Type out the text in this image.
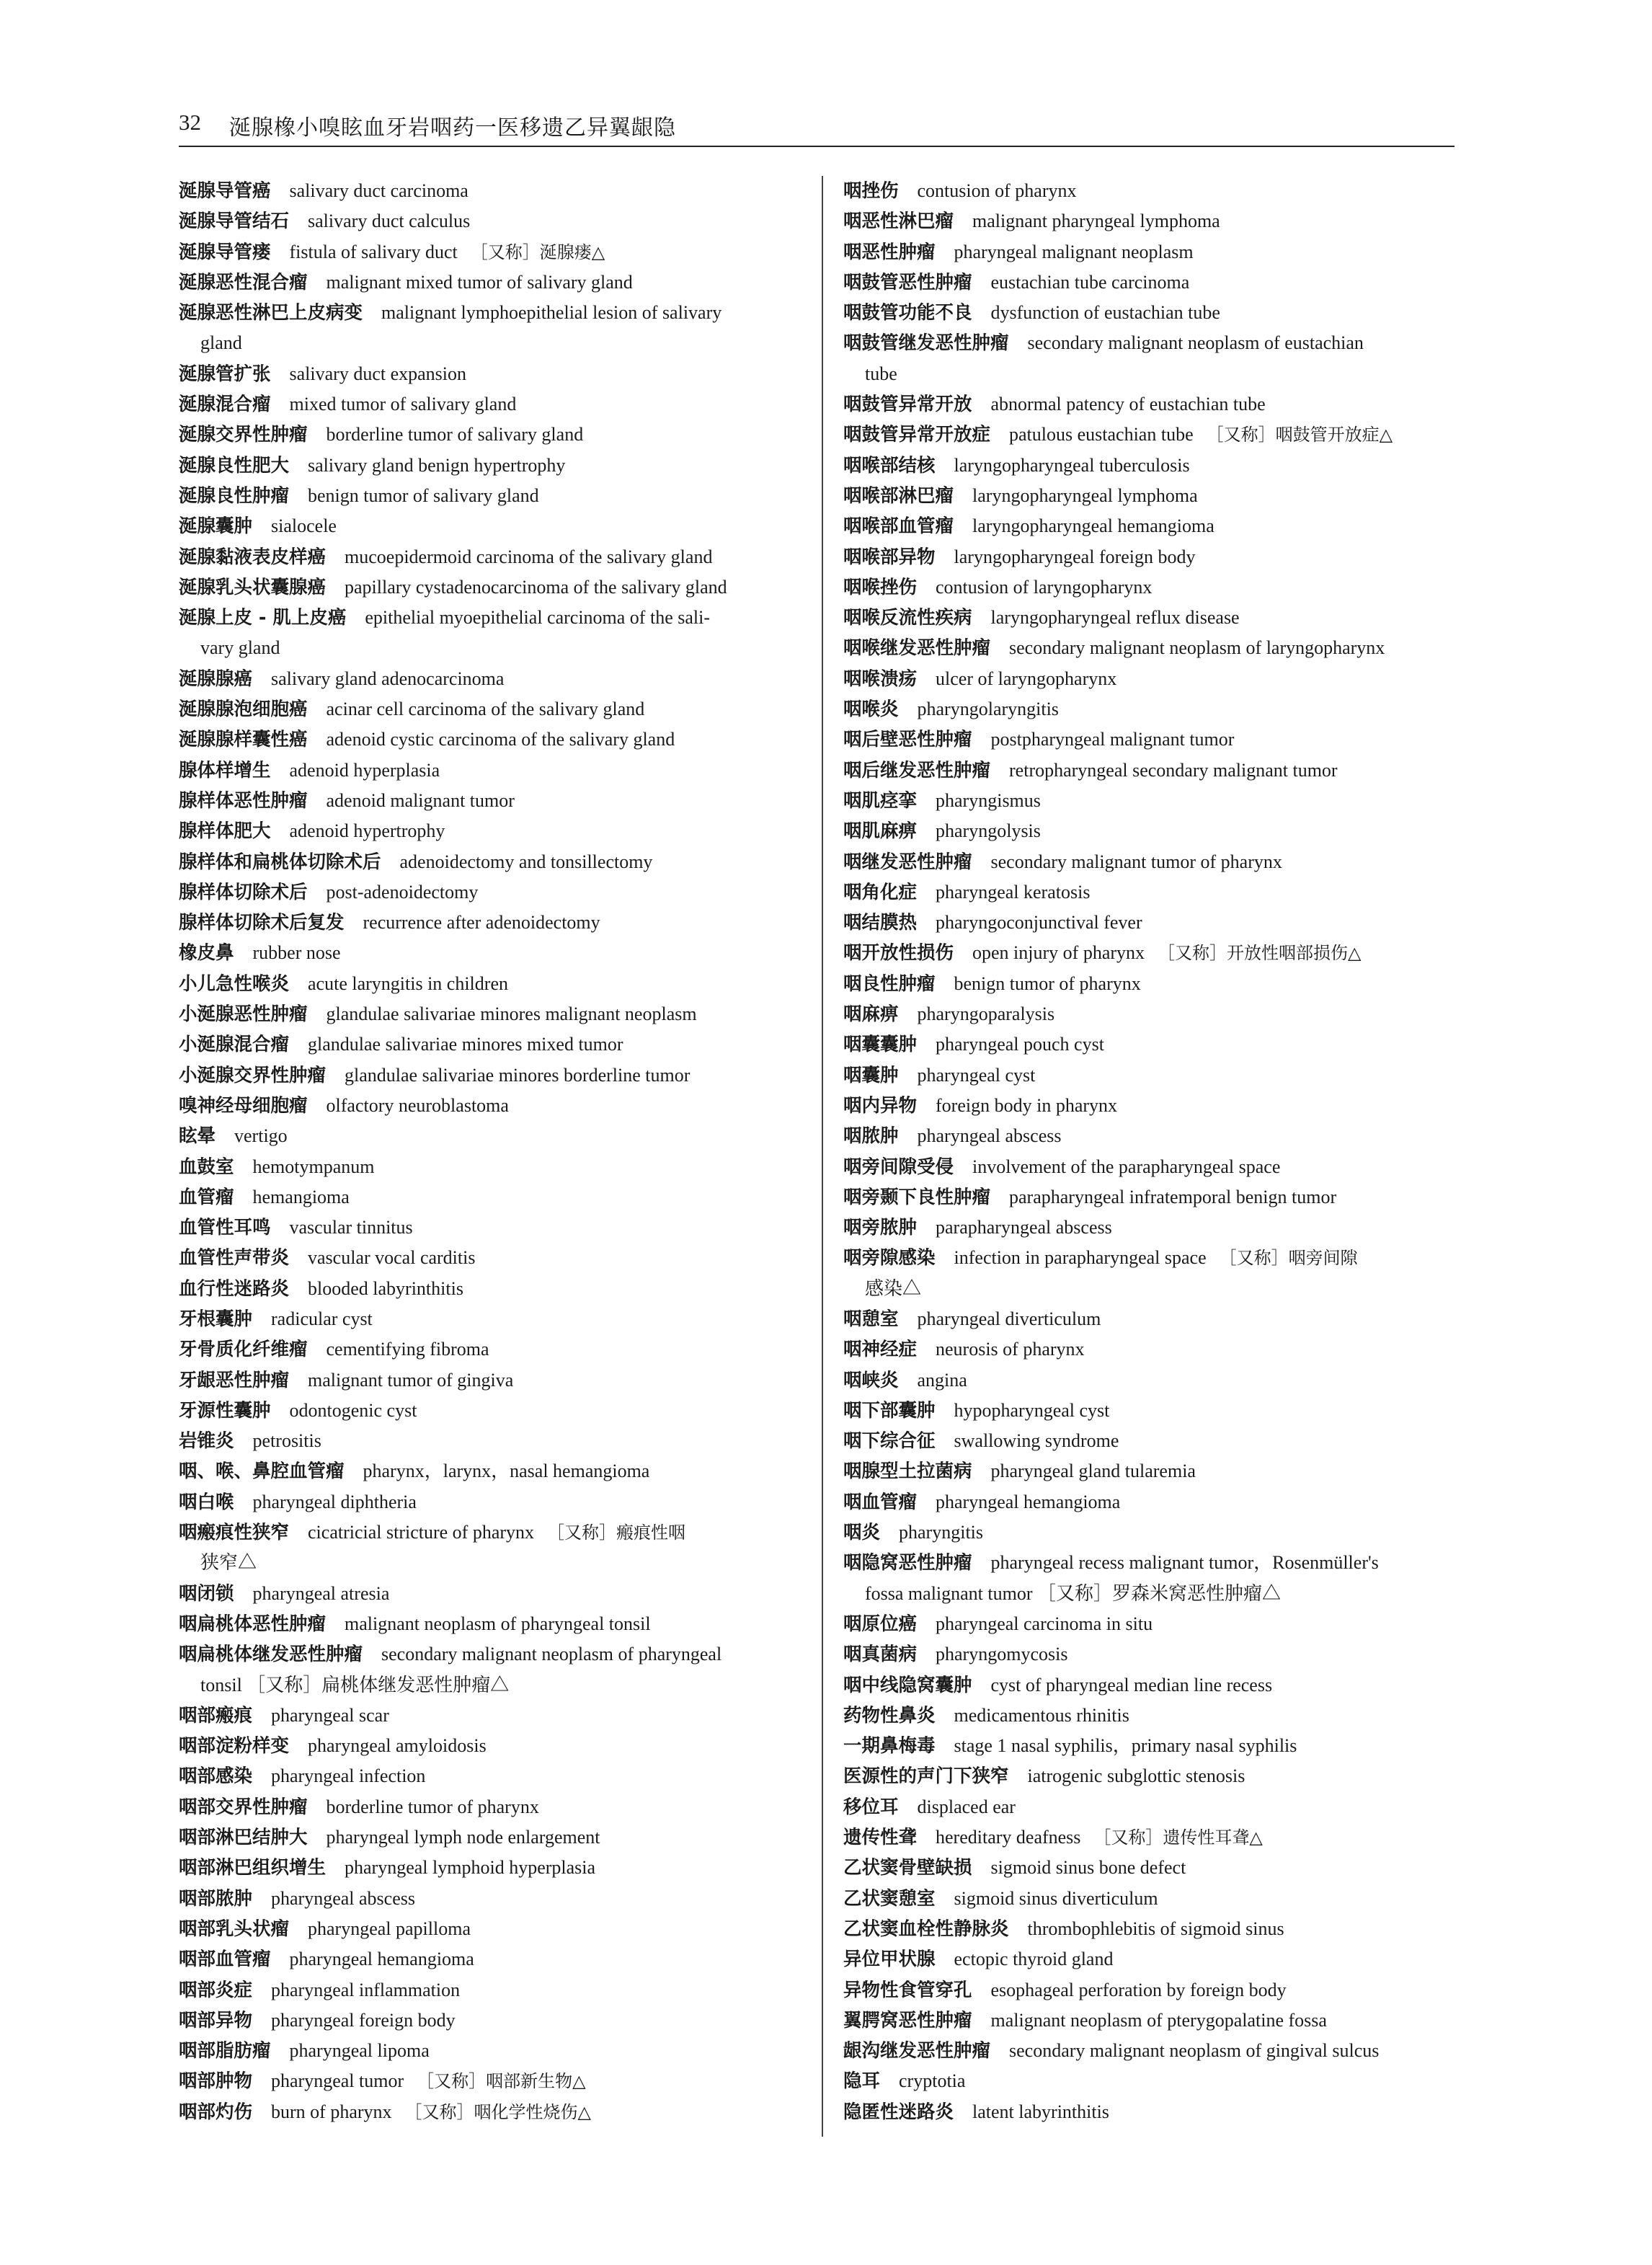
32 涎腺橡小嗅眩血牙岩咽药一医移遗乙异翼龈隐
涎腺导管癌 salivary duct carcinoma
涎腺导管结石 salivary duct calculus
涎腺导管瘘 fistula of salivary duct ［又称］涎腺瘘△
涎腺恶性混合瘤 malignant mixed tumor of salivary gland
涎腺恶性淋巴上皮病变 malignant lymphoepithelial lesion of salivary
gland
涎腺管扩张 salivary duct expansion
涎腺混合瘤 mixed tumor of salivary gland
涎腺交界性肿瘤 borderline tumor of salivary gland
涎腺良性肥大 salivary gland benign hypertrophy
涎腺良性肿瘤 benign tumor of salivary gland
涎腺囊肿 sialocele
涎腺黏液表皮样癌 mucoepidermoid carcinoma of the salivary gland
涎腺乳头状囊腺癌 papillary cystadenocarcinoma of the salivary gland
涎腺上皮 - 肌上皮癌 epithelial myoepithelial carcinoma of the sali-
vary gland
涎腺腺癌 salivary gland adenocarcinoma
涎腺腺泡细胞癌 acinar cell carcinoma of the salivary gland
涎腺腺样囊性癌 adenoid cystic carcinoma of the salivary gland
腺体样增生 adenoid hyperplasia
腺样体恶性肿瘤 adenoid malignant tumor
腺样体肥大 adenoid hypertrophy
腺样体和扁桃体切除术后 adenoidectomy and tonsillectomy
腺样体切除术后 post-adenoidectomy
腺样体切除术后复发 recurrence after adenoidectomy
橡皮鼻 rubber nose
小儿急性喉炎 acute laryngitis in children
小涎腺恶性肿瘤 glandulae salivariae minores malignant neoplasm
小涎腺混合瘤 glandulae salivariae minores mixed tumor
小涎腺交界性肿瘤 glandulae salivariae minores borderline tumor
嗅神经母细胞瘤 olfactory neuroblastoma
眩晕 vertigo
血鼓室 hemotympanum
血管瘤 hemangioma
血管性耳鸣 vascular tinnitus
血管性声带炎 vascular vocal carditis
血行性迷路炎 blooded labyrinthitis
牙根囊肿 radicular cyst
牙骨质化纤维瘤 cementifying fibroma
牙龈恶性肿瘤 malignant tumor of gingiva
牙源性囊肿 odontogenic cyst
岩锥炎 petrositis
咽、喉、鼻腔血管瘤 pharynx，larynx，nasal hemangioma
咽白喉 pharyngeal diphtheria
咽瘢痕性狭窄 cicatricial stricture of pharynx ［又称］瘢痕性咽
狭窄△
咽闭锁 pharyngeal atresia
咽扁桃体恶性肿瘤 malignant neoplasm of pharyngeal tonsil
咽扁桃体继发恶性肿瘤 secondary malignant neoplasm of pharyngeal
tonsil ［又称］扁桃体继发恶性肿瘤△
咽部瘢痕 pharyngeal scar
咽部淀粉样变 pharyngeal amyloidosis
咽部感染 pharyngeal infection
咽部交界性肿瘤 borderline tumor of pharynx
咽部淋巴结肿大 pharyngeal lymph node enlargement
咽部淋巴组织增生 pharyngeal lymphoid hyperplasia
咽部脓肿 pharyngeal abscess
咽部乳头状瘤 pharyngeal papilloma
咽部血管瘤 pharyngeal hemangioma
咽部炎症 pharyngeal inflammation
咽部异物 pharyngeal foreign body
咽部脂肪瘤 pharyngeal lipoma
咽部肿物 pharyngeal tumor ［又称］咽部新生物△
咽部灼伤 burn of pharynx ［又称］咽化学性烧伤△
咽挫伤 contusion of pharynx
咽恶性淋巴瘤 malignant pharyngeal lymphoma
咽恶性肿瘤 pharyngeal malignant neoplasm
咽鼓管恶性肿瘤 eustachian tube carcinoma
咽鼓管功能不良 dysfunction of eustachian tube
咽鼓管继发恶性肿瘤 secondary malignant neoplasm of eustachian
tube
咽鼓管异常开放 abnormal patency of eustachian tube
咽鼓管异常开放症 patulous eustachian tube ［又称］咽鼓管开放症△
咽喉部结核 laryngopharyngeal tuberculosis
咽喉部淋巴瘤 laryngopharyngeal lymphoma
咽喉部血管瘤 laryngopharyngeal hemangioma
咽喉部异物 laryngopharyngeal foreign body
咽喉挫伤 contusion of laryngopharynx
咽喉反流性疾病 laryngopharyngeal reflux disease
咽喉继发恶性肿瘤 secondary malignant neoplasm of laryngopharynx
咽喉溃疡 ulcer of laryngopharynx
咽喉炎 pharyngolaryngitis
咽后壁恶性肿瘤 postpharyngeal malignant tumor
咽后继发恶性肿瘤 retropharyngeal secondary malignant tumor
咽肌痉挛 pharyngismus
咽肌麻痹 pharyngolysis
咽继发恶性肿瘤 secondary malignant tumor of pharynx
咽角化症 pharyngeal keratosis
咽结膜热 pharyngoconjunctival fever
咽开放性损伤 open injury of pharynx ［又称］开放性咽部损伤△
咽良性肿瘤 benign tumor of pharynx
咽麻痹 pharyngoparalysis
咽囊囊肿 pharyngeal pouch cyst
咽囊肿 pharyngeal cyst
咽内异物 foreign body in pharynx
咽脓肿 pharyngeal abscess
咽旁间隙受侵 involvement of the parapharyngeal space
咽旁颞下良性肿瘤 parapharyngeal infratemporal benign tumor
咽旁脓肿 parapharyngeal abscess
咽旁隙感染 infection in parapharyngeal space ［又称］咽旁间隙
感染△
咽憩室 pharyngeal diverticulum
咽神经症 neurosis of pharynx
咽峡炎 angina
咽下部囊肿 hypopharyngeal cyst
咽下综合征 swallowing syndrome
咽腺型土拉菌病 pharyngeal gland tularemia
咽血管瘤 pharyngeal hemangioma
咽炎 pharyngitis
咽隐窝恶性肿瘤 pharyngeal recess malignant tumor，Rosenmüller's
fossa malignant tumor ［又称］罗森米窝恶性肿瘤△
咽原位癌 pharyngeal carcinoma in situ
咽真菌病 pharyngomycosis
咽中线隐窝囊肿 cyst of pharyngeal median line recess
药物性鼻炎 medicamentous rhinitis
一期鼻梅毒 stage 1 nasal syphilis，primary nasal syphilis
医源性的声门下狭窄 iatrogenic subglottic stenosis
移位耳 displaced ear
遗传性聋 hereditary deafness ［又称］遗传性耳聋△
乙状窦骨壁缺损 sigmoid sinus bone defect
乙状窦憩室 sigmoid sinus diverticulum
乙状窦血栓性静脉炎 thrombophlebitis of sigmoid sinus
异位甲状腺 ectopic thyroid gland
异物性食管穿孔 esophageal perforation by foreign body
翼腭窝恶性肿瘤 malignant neoplasm of pterygopalatine fossa
龈沟继发恶性肿瘤 secondary malignant neoplasm of gingival sulcus
隐耳 cryptotia
隐匿性迷路炎 latent labyrinthitis
